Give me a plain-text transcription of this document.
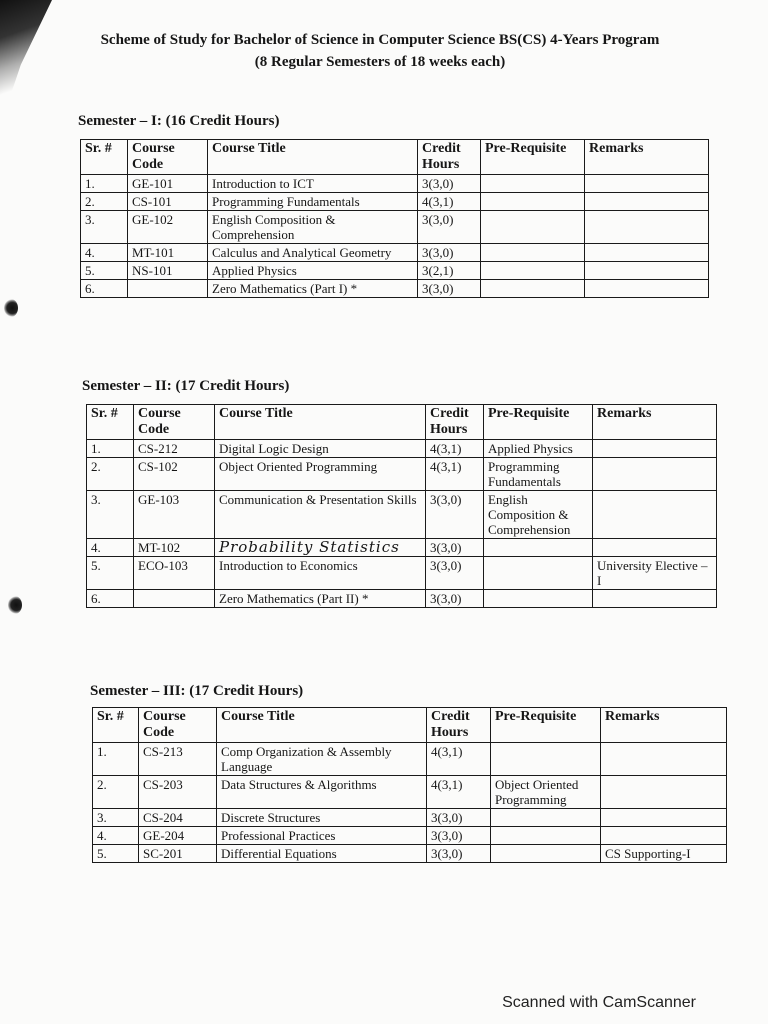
Scheme of Study for Bachelor of Science in Computer Science BS(CS) 4-Years Program
(8 Regular Semesters of 18 weeks each)
Semester – I: (16 Credit Hours)
Sr. #	Course Code	Course Title	Credit Hours	Pre-Requisite	Remarks
1.	GE-101	Introduction to ICT	3(3,0)		
2.	CS-101	Programming Fundamentals	4(3,1)		
3.	GE-102	English Composition & Comprehension	3(3,0)		
4.	MT-101	Calculus and Analytical Geometry	3(3,0)		
5.	NS-101	Applied Physics	3(2,1)		
6.		Zero Mathematics (Part I) *	3(3,0)		
Semester – II: (17 Credit Hours)
Sr. #	Course Code	Course Title	Credit Hours	Pre-Requisite	Remarks
1.	CS-212	Digital Logic Design	4(3,1)	Applied Physics	
2.	CS-102	Object Oriented Programming	4(3,1)	Programming Fundamentals	
3.	GE-103	Communication & Presentation Skills	3(3,0)	English Composition & Comprehension	
4.	MT-102	Probability Statistics	3(3,0)		
5.	ECO-103	Introduction to Economics	3(3,0)		University Elective – I
6.		Zero Mathematics (Part II) *	3(3,0)		
Semester – III: (17 Credit Hours)
Sr. #	Course Code	Course Title	Credit Hours	Pre-Requisite	Remarks
1.	CS-213	Comp Organization & Assembly Language	4(3,1)		
2.	CS-203	Data Structures & Algorithms	4(3,1)	Object Oriented Programming	
3.	CS-204	Discrete Structures	3(3,0)		
4.	GE-204	Professional Practices	3(3,0)		
5.	SC-201	Differential Equations	3(3,0)		CS Supporting-I
Scanned with CamScanner
